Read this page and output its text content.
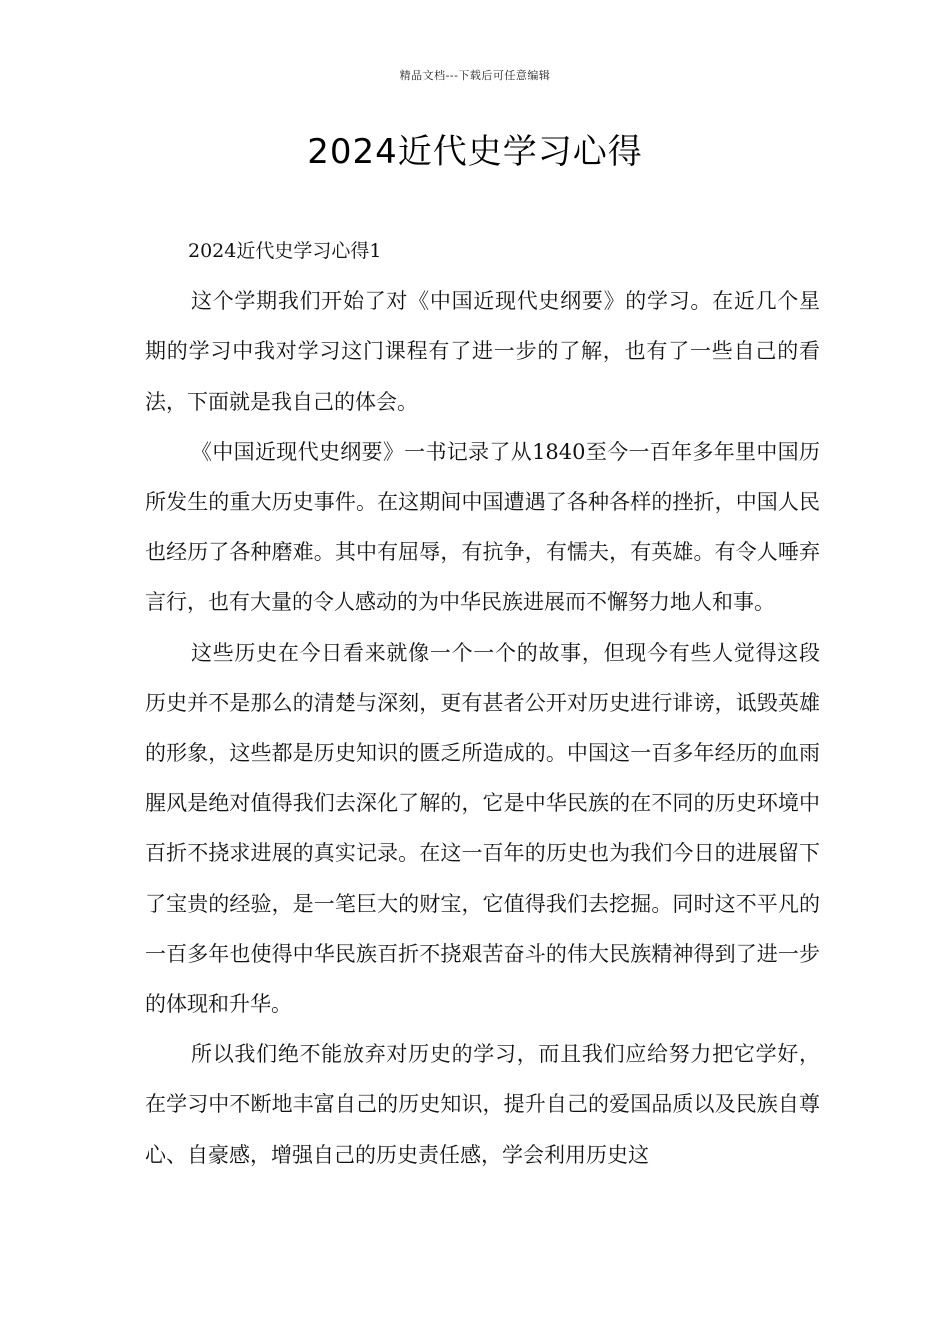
精品文档---下载后可任意编辑
2024近代史学习心得

2024近代史学习心得1

这个学期我们开始了对《中国近现代史纲要》的学习。在近几个星期的学习中我对学习这门课程有了进一步的了解，也有了一些自己的看法，下面就是我自己的体会。

《中国近现代史纲要》一书记录了从1840至今一百年多年里中国历所发生的重大历史事件。在这期间中国遭遇了各种各样的挫折，中国人民也经历了各种磨难。其中有屈辱，有抗争，有懦夫，有英雄。有令人唾弃言行，也有大量的令人感动的为中华民族进展而不懈努力地人和事。

这些历史在今日看来就像一个一个的故事，但现今有些人觉得这段历史并不是那么的清楚与深刻，更有甚者公开对历史进行诽谤，诋毁英雄的形象，这些都是历史知识的匮乏所造成的。中国这一百多年经历的血雨腥风是绝对值得我们去深化了解的，它是中华民族的在不同的历史环境中百折不挠求进展的真实记录。在这一百年的历史也为我们今日的进展留下了宝贵的经验，是一笔巨大的财宝，它值得我们去挖掘。同时这不平凡的一百多年也使得中华民族百折不挠艰苦奋斗的伟大民族精神得到了进一步的体现和升华。

所以我们绝不能放弃对历史的学习，而且我们应给努力把它学好，在学习中不断地丰富自己的历史知识，提升自己的爱国品质以及民族自尊心、自豪感，增强自己的历史责任感，学会利用历史这
